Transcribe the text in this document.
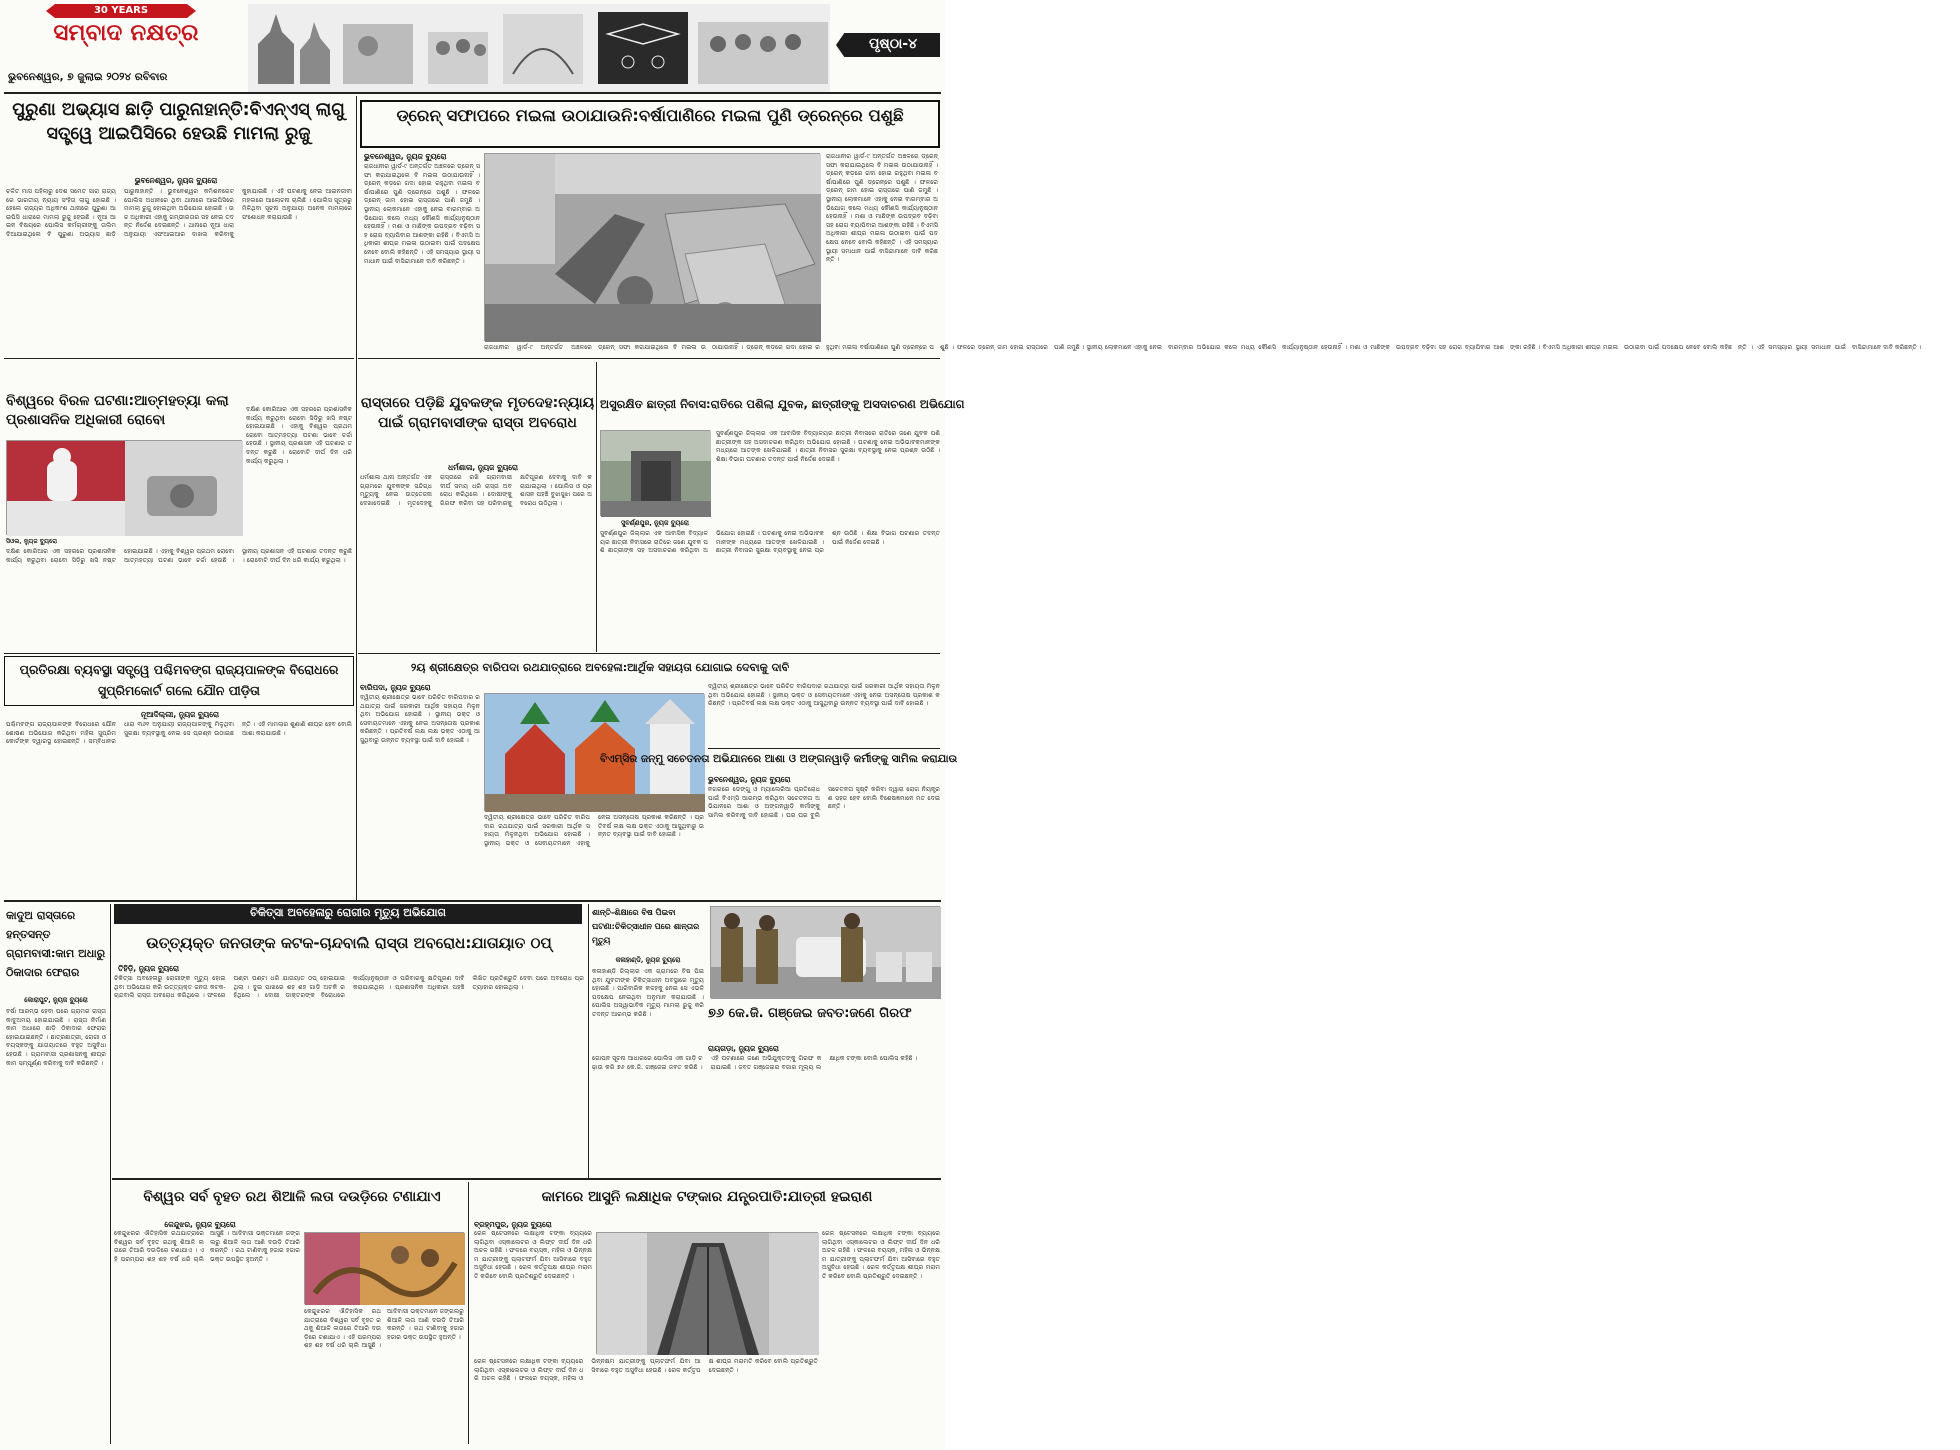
30 YEARS
ସମ୍ବାଦ ନକ୍ଷତ୍ର
ଭୁବନେଶ୍ୱର, ୭ ଜୁଲାଇ ୨୦୨୪ ରବିବାର
ପୃଷ୍ଠା-୪
ପୁରୁଣା ଅଭ୍ୟାସ ଛାଡ଼ି ପାରୁନାହାନ୍ତି:ବିଏନ୍ଏସ୍ ଲାଗୁ ସତ୍ତ୍ୱେ ଆଇପିସିରେ ହେଉଛି ମାମଲା ରୁଜୁ
ଭୁବନେଶ୍ୱର, ନ୍ୟୁଜ ବ୍ୟୁରୋ
ଚଳିତ ମାସ ପହିଲାରୁ ଦେଶ ସମେତ ସାରା ରାଜ୍ୟରେ ଭାରତୀୟ ନ୍ୟାୟ ସଂହିତା ଲାଗୁ ହୋଇଛି । ହେଲେ ରାଜ୍ୟର ଅଧିକାଂଶ ଥାନାରେ ପୁରୁଣା ଆଇପିସି ଧାରାରେ ମାମଲା ରୁଜୁ ହେଉଛି । ନୂଆ ଆଇନ ବିଷୟରେ ପୋଲିସ କର୍ମଚାରୀଙ୍କୁ ତାଲିମ ଦିଆଯାଇଥିଲେ ବି ପୁରୁଣା ଅଭ୍ୟାସ ଛାଡ଼ି ପାରୁନାହାନ୍ତି । ଭୁବନେଶ୍ୱର କମିଶନରେଟ ପୋଲିସ ଅଧୀନରେ ଥିବା ଥାନାରେ ଆଇପିସିରେ ମାମଲା ରୁଜୁ ହୋଇଥିବା ଅଭିଯୋଗ ହୋଇଛି । ଉଚ୍ଚ ଅଧିକାରୀ ଏହାକୁ ଗମ୍ଭୀରତାର ସହ ନେଇ ତଦନ୍ତ ନିର୍ଦ୍ଦେଶ ଦେଇଛନ୍ତି । ଥାନାରେ ନୂଆ ଧାରା ଅନୁଯାୟୀ ଏଫଆଇଆର ଦାଖଲ କରିବାକୁ କୁହାଯାଇଛି । ଏହି ଘଟଣାକୁ ନେଇ ଆଇନଜୀବୀ ମହଲରେ ଆଲୋଚନା ଚାଲିଛି । ପୋଲିସ ସୂତ୍ରରୁ ମିଳିଥିବା ସୂଚନା ଅନୁଯାୟୀ ଅନେକ ମାମଲାରେ ସଂଶୋଧନ କରାଯାଉଛି ।
ଡ୍ରେନ୍ ସଫାପରେ ମଇଳା ଉଠାଯାଉନି:ବର୍ଷାପାଣିରେ ମଇଳା ପୁଣି ଡ୍ରେନ୍‌ରେ ପଶୁଛି
ଭୁବନେଶ୍ୱର, ନ୍ୟୁଜ ବ୍ୟୁରୋ
ରାଜଧାନୀର ୱାର୍ଡ-୯ ଅନ୍ତର୍ଗତ ଅଞ୍ଚଳରେ ଡ୍ରେନ୍ ସଫା କରାଯାଇଥିଲେ ବି ମଇଳା ଉଠାଯାଉନାହିଁ । ଡ୍ରେନ୍ କଡ଼ରେ ଗଦା ହୋଇ ରହୁଥିବା ମଇଳା ବର୍ଷାପାଣିରେ ପୁଣି ଡ୍ରେନ୍‌ରେ ପଶୁଛି । ଫଳରେ ଡ୍ରେନ୍ ଜାମ ହୋଇ ରାସ୍ତାରେ ପାଣି ଜମୁଛି । ସ୍ଥାନୀୟ ଲୋକମାନେ ଏହାକୁ ନେଇ ବାରମ୍ବାର ଅଭିଯୋଗ କଲେ ମଧ୍ୟ କୌଣସି କାର୍ଯ୍ୟାନୁଷ୍ଠାନ ହେଉନାହିଁ । ମଶା ଓ ମାଛିଙ୍କ ଉପଦ୍ରବ ବଢ଼ିବା ସହ ରୋଗ ବ୍ୟାପିବାର ଆଶଙ୍କା ରହିଛି । ବିଏମସି ଅଧିକାରୀ ଶୀଘ୍ର ମଇଳା ଉଠାଇବା ପାଇଁ ପଦକ୍ଷେପ ନେବେ ବୋଲି କହିଛନ୍ତି । ଏହି ସମସ୍ୟାର ସ୍ଥାୟୀ ସମାଧାନ ପାଇଁ ବାସିନ୍ଦାମାନେ ଦାବି କରିଛନ୍ତି ।
ରାଜଧାନୀର ୱାର୍ଡ-୯ ଅନ୍ତର୍ଗତ ଅଞ୍ଚଳରେ ଡ୍ରେନ୍ ସଫା କରାଯାଇଥିଲେ ବି ମଇଳା ଉଠାଯାଉନାହିଁ । ଡ୍ରେନ୍ କଡ଼ରେ ଗଦା ହୋଇ ରହୁଥିବା ମଇଳା ବର୍ଷାପାଣିରେ ପୁଣି ଡ୍ରେନ୍‌ରେ ପଶୁଛି । ଫଳରେ ଡ୍ରେନ୍ ଜାମ ହୋଇ ରାସ୍ତାରେ ପାଣି ଜମୁଛି । ସ୍ଥାନୀୟ ଲୋକମାନେ ଏହାକୁ ନେଇ ବାରମ୍ବାର ଅଭିଯୋଗ କଲେ ମଧ୍ୟ କୌଣସି କାର୍ଯ୍ୟାନୁଷ୍ଠାନ ହେଉନାହିଁ । ମଶା ଓ ମାଛିଙ୍କ ଉପଦ୍ରବ ବଢ଼ିବା ସହ ରୋଗ ବ୍ୟାପିବାର ଆଶଙ୍କା ରହିଛି । ବିଏମସି ଅଧିକାରୀ ଶୀଘ୍ର ମଇଳା ଉଠାଇବା ପାଇଁ ପଦକ୍ଷେପ ନେବେ ବୋଲି କହିଛନ୍ତି । ଏହି ସମସ୍ୟାର ସ୍ଥାୟୀ ସମାଧାନ ପାଇଁ ବାସିନ୍ଦାମାନେ ଦାବି କରିଛନ୍ତି ।
ରାଜଧାନୀର ୱାର୍ଡ-୯ ଅନ୍ତର୍ଗତ ଅଞ୍ଚଳରେ ଡ୍ରେନ୍ ସଫା କରାଯାଇଥିଲେ ବି ମଇଳା ଉଠାଯାଉନାହିଁ । ଡ୍ରେନ୍ କଡ଼ରେ ଗଦା ହୋଇ ରହୁଥିବା ମଇଳା ବର୍ଷାପାଣିରେ ପୁଣି ଡ୍ରେନ୍‌ରେ ପଶୁଛି । ଫଳରେ ଡ୍ରେନ୍ ଜାମ ହୋଇ ରାସ୍ତାରେ ପାଣି ଜମୁଛି । ସ୍ଥାନୀୟ ଲୋକମାନେ ଏହାକୁ ନେଇ ବାରମ୍ବାର ଅଭିଯୋଗ କଲେ ମଧ୍ୟ କୌଣସି କାର୍ଯ୍ୟାନୁଷ୍ଠାନ ହେଉନାହିଁ । ମଶା ଓ ମାଛିଙ୍କ ଉପଦ୍ରବ ବଢ଼ିବା ସହ ରୋଗ ବ୍ୟାପିବାର ଆଶଙ୍କା ରହିଛି । ବିଏମସି ଅଧିକାରୀ ଶୀଘ୍ର ମଇଳା ଉଠାଇବା ପାଇଁ ପଦକ୍ଷେପ ନେବେ ବୋଲି କହିଛନ୍ତି । ଏହି ସମସ୍ୟାର ସ୍ଥାୟୀ ସମାଧାନ ପାଇଁ ବାସିନ୍ଦାମାନେ ଦାବି କରିଛନ୍ତି ।
ବିଶ୍ୱରେ ବିରଳ ଘଟଣା:ଆତ୍ମହତ୍ୟା କଲା ପ୍ରଶାସନିକ ଅଧିକାରୀ ରୋବୋ
ସିଓଲ, ନ୍ୟୁଜ ବ୍ୟୁରୋ
ଦକ୍ଷିଣ କୋରିଆର ଏକ ସହରରେ ପ୍ରଶାସନିକ କାର୍ଯ୍ୟ କରୁଥିବା ରୋବୋ ସିଡ଼ିରୁ ଖସି ନଷ୍ଟ ହୋଇଯାଇଛି । ଏହାକୁ ବିଶ୍ୱର ପ୍ରଥମ ରୋବୋ ଆତ୍ମହତ୍ୟା ଘଟଣା ଭାବେ ଚର୍ଚ୍ଚା ହେଉଛି । ସ୍ଥାନୀୟ ପ୍ରଶାସନ ଏହି ଘଟଣାର ତଦନ୍ତ କରୁଛି । ରୋବୋଟି ଦୀର୍ଘ ଦିନ ଧରି କାର୍ଯ୍ୟ କରୁଥିଲା ।
ଦକ୍ଷିଣ କୋରିଆର ଏକ ସହରରେ ପ୍ରଶାସନିକ କାର୍ଯ୍ୟ କରୁଥିବା ରୋବୋ ସିଡ଼ିରୁ ଖସି ନଷ୍ଟ ହୋଇଯାଇଛି । ଏହାକୁ ବିଶ୍ୱର ପ୍ରଥମ ରୋବୋ ଆତ୍ମହତ୍ୟା ଘଟଣା ଭାବେ ଚର୍ଚ୍ଚା ହେଉଛି । ସ୍ଥାନୀୟ ପ୍ରଶାସନ ଏହି ଘଟଣାର ତଦନ୍ତ କରୁଛି । ରୋବୋଟି ଦୀର୍ଘ ଦିନ ଧରି କାର୍ଯ୍ୟ କରୁଥିଲା ।
ରାସ୍ତାରେ ପଡ଼ିଛି ଯୁବକଙ୍କ ମୃତଦେହ:ନ୍ୟାୟ ପାଇଁ ଗ୍ରାମବାସୀଙ୍କ ରାସ୍ତା ଅବରୋଧ
ଧର୍ମଶାଳା, ନ୍ୟୁଜ ବ୍ୟୁରୋ
ଧର୍ମଶାଳା ଥାନା ଅନ୍ତର୍ଗତ ଏକ ଗ୍ରାମରେ ଯୁବକଙ୍କ ସନ୍ଦିଗ୍ଧ ମୃତ୍ୟୁକୁ ନେଇ ଉତ୍ତେଜନା ଦେଖାଦେଇଛି । ମୃତଦେହକୁ ରାସ୍ତାରେ ରଖି ଗ୍ରାମବାସୀ ଦୀର୍ଘ ସମୟ ଧରି ରାସ୍ତା ଅବରୋଧ କରିଥିଲେ । ଦୋଷୀଙ୍କୁ ଗିରଫ କରିବା ସହ ପରିବାରକୁ କ୍ଷତିପୂରଣ ଦେବାକୁ ଦାବି କରାଯାଇଥିଲା । ପୋଲିସ ଓ ପ୍ରଶାସନ ପହଞ୍ଚି ବୁଝାସୁଝା ପରେ ଅବରୋଧ ଉଠିଥିଲା ।
ଅସୁରକ୍ଷିତ ଛାତ୍ରୀ ନିବାସ:ରାତିରେ ପଶିଲା ଯୁବକ, ଛାତ୍ରୀଙ୍କୁ ଅସଦାଚରଣ ଅଭିଯୋଗ
ସୁବର୍ଣ୍ଣପୁର, ନ୍ୟୁଜ ବ୍ୟୁରୋ
ସୁବର୍ଣ୍ଣପୁର ଜିଲ୍ଲାର ଏକ ଆବାସିକ ବିଦ୍ୟାଳୟର ଛାତ୍ରୀ ନିବାସରେ ରାତିରେ ଜଣେ ଯୁବକ ପଶି ଛାତ୍ରୀଙ୍କ ସହ ଅସଦାଚରଣ କରିଥିବା ଅଭିଯୋଗ ହୋଇଛି । ଘଟଣାକୁ ନେଇ ଅଭିଭାବକମାନଙ୍କ ମଧ୍ୟରେ ଆତଙ୍କ ଖେଳିଯାଇଛି । ଛାତ୍ରୀ ନିବାସର ସୁରକ୍ଷା ବ୍ୟବସ୍ଥାକୁ ନେଇ ପ୍ରଶ୍ନ ଉଠିଛି । ଶିକ୍ଷା ବିଭାଗ ଘଟଣାର ତଦନ୍ତ ପାଇଁ ନିର୍ଦ୍ଦେଶ ଦେଇଛି ।
ସୁବର୍ଣ୍ଣପୁର ଜିଲ୍ଲାର ଏକ ଆବାସିକ ବିଦ୍ୟାଳୟର ଛାତ୍ରୀ ନିବାସରେ ରାତିରେ ଜଣେ ଯୁବକ ପଶି ଛାତ୍ରୀଙ୍କ ସହ ଅସଦାଚରଣ କରିଥିବା ଅଭିଯୋଗ ହୋଇଛି । ଘଟଣାକୁ ନେଇ ଅଭିଭାବକମାନଙ୍କ ମଧ୍ୟରେ ଆତଙ୍କ ଖେଳିଯାଇଛି । ଛାତ୍ରୀ ନିବାସର ସୁରକ୍ଷା ବ୍ୟବସ୍ଥାକୁ ନେଇ ପ୍ରଶ୍ନ ଉଠିଛି । ଶିକ୍ଷା ବିଭାଗ ଘଟଣାର ତଦନ୍ତ ପାଇଁ ନିର୍ଦ୍ଦେଶ ଦେଇଛି ।
ପ୍ରତିରକ୍ଷା ବ୍ୟବସ୍ଥା ସତ୍ତ୍ୱେ ପଶ୍ଚିମବଙ୍ଗ ରାଜ୍ୟପାଳଙ୍କ ବିରୋଧରେ ସୁପ୍ରିମକୋର୍ଟ ଗଲେ ଯୌନ ପୀଡ଼ିତା
ନୂଆଦିଲ୍ଲୀ, ନ୍ୟୁଜ ବ୍ୟୁରୋ
ପଶ୍ଚିମବଙ୍ଗ ରାଜ୍ୟପାଳଙ୍କ ବିରୋଧରେ ଯୌନ ଶୋଷଣ ଅଭିଯୋଗ କରିଥିବା ମହିଳା ସୁପ୍ରିମକୋର୍ଟଙ୍କ ଦ୍ୱାରସ୍ଥ ହୋଇଛନ୍ତି । ସମ୍ବିଧାନର ଧାରା ୩୬୧ ଅନୁଯାୟୀ ରାଜ୍ୟପାଳଙ୍କୁ ମିଳୁଥିବା ସୁରକ୍ଷା ବ୍ୟବସ୍ଥାକୁ ନେଇ ସେ ପ୍ରଶ୍ନ ଉଠାଇଛନ୍ତି । ଏହି ମାମଲାର ଶୁଣାଣି ଶୀଘ୍ର ହେବ ବୋଲି ଆଶା କରାଯାଉଛି ।
୨ୟ ଶ୍ରୀକ୍ଷେତ୍ର ବାରିପଦା ରଥଯାତ୍ରାରେ ଅବହେଳା:ଆର୍ଥିକ ସହାୟତା ଯୋଗାଇ ଦେବାକୁ ଦାବି
ବାରିପଦା, ନ୍ୟୁଜ ବ୍ୟୁରୋ
ଦ୍ୱିତୀୟ ଶ୍ରୀକ୍ଷେତ୍ର ଭାବେ ପରିଚିତ ବାରିପଦାର ରଥଯାତ୍ରା ପାଇଁ ସରକାରୀ ଆର୍ଥିକ ସହାୟତା ମିଳୁନଥିବା ଅଭିଯୋଗ ହୋଇଛି । ସ୍ଥାନୀୟ ଭକ୍ତ ଓ ସେବାୟତମାନେ ଏହାକୁ ନେଇ ଅସନ୍ତୋଷ ପ୍ରକାଶ କରିଛନ୍ତି । ପ୍ରତିବର୍ଷ ଲକ୍ଷ ଲକ୍ଷ ଭକ୍ତ ଏଠାକୁ ଆସୁଥିବାରୁ ଉନ୍ନତ ବ୍ୟବସ୍ଥା ପାଇଁ ଦାବି ହୋଇଛି ।
ଦ୍ୱିତୀୟ ଶ୍ରୀକ୍ଷେତ୍ର ଭାବେ ପରିଚିତ ବାରିପଦାର ରଥଯାତ୍ରା ପାଇଁ ସରକାରୀ ଆର୍ଥିକ ସହାୟତା ମିଳୁନଥିବା ଅଭିଯୋଗ ହୋଇଛି । ସ୍ଥାନୀୟ ଭକ୍ତ ଓ ସେବାୟତମାନେ ଏହାକୁ ନେଇ ଅସନ୍ତୋଷ ପ୍ରକାଶ କରିଛନ୍ତି । ପ୍ରତିବର୍ଷ ଲକ୍ଷ ଲକ୍ଷ ଭକ୍ତ ଏଠାକୁ ଆସୁଥିବାରୁ ଉନ୍ନତ ବ୍ୟବସ୍ଥା ପାଇଁ ଦାବି ହୋଇଛି ।
ଦ୍ୱିତୀୟ ଶ୍ରୀକ୍ଷେତ୍ର ଭାବେ ପରିଚିତ ବାରିପଦାର ରଥଯାତ୍ରା ପାଇଁ ସରକାରୀ ଆର୍ଥିକ ସହାୟତା ମିଳୁନଥିବା ଅଭିଯୋଗ ହୋଇଛି । ସ୍ଥାନୀୟ ଭକ୍ତ ଓ ସେବାୟତମାନେ ଏହାକୁ ନେଇ ଅସନ୍ତୋଷ ପ୍ରକାଶ କରିଛନ୍ତି । ପ୍ରତିବର୍ଷ ଲକ୍ଷ ଲକ୍ଷ ଭକ୍ତ ଏଠାକୁ ଆସୁଥିବାରୁ ଉନ୍ନତ ବ୍ୟବସ୍ଥା ପାଇଁ ଦାବି ହୋଇଛି ।
ବିଏମ୍‌ସିର ଜନ୍ମୁ ସଚେତନତା ଅଭିଯାନରେ ଆଶା ଓ ଅଙ୍ଗନୱାଡ଼ି କର୍ମୀଙ୍କୁ ସାମିଲ କରାଯାଉ
ଭୁବନେଶ୍ୱର, ନ୍ୟୁଜ ବ୍ୟୁରୋ
ନଗରରେ ଡେଙ୍ଗୁ ଓ ମ୍ୟାଲେରିଆ ପ୍ରତିରୋଧ ପାଇଁ ବିଏମ୍‌ସି ଆରମ୍ଭ କରିଥିବା ସଚେତନତା ଅଭିଯାନରେ ଆଶା ଓ ଅଙ୍ଗନୱାଡ଼ି କର୍ମୀଙ୍କୁ ସାମିଲ କରିବାକୁ ଦାବି ହୋଇଛି । ଘର ଘର ବୁଲି ସଚେତନତା ସୃଷ୍ଟି କରିବା ଦ୍ୱାରା ରୋଗ ନିୟନ୍ତ୍ରଣ ସହଜ ହେବ ବୋଲି ବିଶେଷଜ୍ଞମାନେ ମତ ଦେଇଛନ୍ତି ।
କାଦୁଅ ରାସ୍ତାରେ ହନ୍ତସନ୍ତ ଗ୍ରାମବାସୀ:କାମ ଅଧାରୁ ଠିକାଦାର ଫେରାର
କୋରାପୁଟ, ନ୍ୟୁଜ ବ୍ୟୁରୋ
ବର୍ଷା ଆରମ୍ଭ ହେବା ପରେ ଗ୍ରାମର ରାସ୍ତା କାଦୁଅମୟ ହୋଇଯାଇଛି । ରାସ୍ତା ନିର୍ମାଣ କାମ ଅଧାରେ ଛାଡ଼ି ଠିକାଦାର ଫେରାର ହୋଇଯାଇଛନ୍ତି । ଛାତ୍ରଛାତ୍ରୀ, ରୋଗୀ ଓ ବୟସ୍କଙ୍କୁ ଯାତାୟାତରେ ବହୁତ ଅସୁବିଧା ହେଉଛି । ଗ୍ରାମବାସୀ ପ୍ରଶାସନକୁ ଶୀଘ୍ର କାମ ସମ୍ପୂର୍ଣ୍ଣ କରିବାକୁ ଦାବି କରିଛନ୍ତି ।
ଚିକିତ୍ସା ଅବହେଳାରୁ ରୋଗୀର ମୃତ୍ୟୁ ଅଭିଯୋଗ
ଉତ୍ତ୍ୟକ୍ତ ଜନତାଙ୍କ କଟକ-ଚାନ୍ଦବାଲି ରାସ୍ତା ଅବରୋଧ:ଯାତାୟାତ ଠପ୍
ତିହିଡ଼ି, ନ୍ୟୁଜ ବ୍ୟୁରୋ
ଚିକିତ୍ସା ଅବହେଳାରୁ ରୋଗୀଙ୍କ ମୃତ୍ୟୁ ହୋଇଥିବା ଅଭିଯୋଗ କରି ଉତ୍ତ୍ୟକ୍ତ ଜନତା କଟକ-ଚାନ୍ଦବାଲି ରାସ୍ତା ଅବରୋଧ କରିଥିଲେ । ଫଳରେ ଘଣ୍ଟା ଘଣ୍ଟା ଧରି ଯାତାୟାତ ଠପ୍ ହୋଇଯାଇଥିଲା । ଦୁଇ ପାଖରେ ଶହ ଶହ ଗାଡ଼ି ଅଟକି ରହିଥିଲେ । ଦୋଷୀ ଡାକ୍ତରଙ୍କ ବିରୋଧରେ କାର୍ଯ୍ୟାନୁଷ୍ଠାନ ଓ ପରିବାରକୁ କ୍ଷତିପୂରଣ ଦାବି କରାଯାଇଥିଲା । ପ୍ରଶାସନିକ ଅଧିକାରୀ ପହଞ୍ଚି ଲିଖିତ ପ୍ରତିଶ୍ରୁତି ଦେବା ପରେ ଅବରୋଧ ପ୍ରତ୍ୟାହାର ହୋଇଥିଲା ।
ଶାନ୍ତି-ଶିକ୍ଷାରେ ବିଷ ପିଇବା ଘଟଣା:ଚିକିତ୍ସାଧୀନ ପରେ ଶାନ୍ତାର ମୃତ୍ୟୁ
କଳାହାଣ୍ଡି, ନ୍ୟୁଜ ବ୍ୟୁରୋ
କଳାହାଣ୍ଡି ଜିଲ୍ଲାର ଏକ ଗ୍ରାମରେ ବିଷ ପିଇଥିବା ଯୁବତୀଙ୍କ ଚିକିତ୍ସାଧୀନ ଅବସ୍ଥାରେ ମୃତ୍ୟୁ ହୋଇଛି । ପାରିବାରିକ କଳହକୁ ନେଇ ସେ ଏଭଳି ପଦକ୍ଷେପ ନେଇଥିବା ଅନୁମାନ କରାଯାଉଛି । ପୋଲିସ ଅସ୍ୱାଭାବିକ ମୃତ୍ୟୁ ମାମଲା ରୁଜୁ କରି ତଦନ୍ତ ଆରମ୍ଭ କରିଛି ।	୭୬ କେ.ଜି. ଗଞ୍ଜେଇ ଜବତ:ଜଣେ ଗିରଫ
ରାୟଗଡ଼ା, ନ୍ୟୁଜ ବ୍ୟୁରୋ
ଗୋପନ ସୂଚନା ଆଧାରରେ ପୋଲିସ ଏକ ଗାଡ଼ି ଚଢ଼ାଉ କରି ୭୬ କେ.ଜି. ଗଞ୍ଜେଇ ଜବତ କରିଛି । ଏହି ଘଟଣାରେ ଜଣେ ଅଭିଯୁକ୍ତଙ୍କୁ ଗିରଫ କରାଯାଇଛି । ଜବତ ଗଞ୍ଜେଇର ବଜାର ମୂଲ୍ୟ ଲକ୍ଷାଧିକ ଟଙ୍କା ବୋଲି ପୋଲିସ କହିଛି ।
ବିଶ୍ୱର ସର୍ବ ବୃହତ ରଥ ଶିଆଳି ଲତା ଦଉଡ଼ିରେ ଟଣାଯାଏ
କେନ୍ଦୁଝର, ନ୍ୟୁଜ ବ୍ୟୁରୋ
କେନ୍ଦୁଝରର ଐତିହାସିକ ରଥଯାତ୍ରାରେ ବିଶ୍ୱର ସର୍ବ ବୃହତ ରଥକୁ ଶିଆଳି ଲତାରେ ତିଆରି ଦଉଡ଼ିରେ ଟଣାଯାଏ । ଏହି ପରମ୍ପରା ଶହ ଶହ ବର୍ଷ ଧରି ଚାଲି ଆସୁଛି । ଆଦିବାସୀ ଭକ୍ତମାନେ ଜଙ୍ଗଲରୁ ଶିଆଳି ଲତା ଆଣି ଦଉଡ଼ି ତିଆରି କରନ୍ତି । ରଥ ଟାଣିବାକୁ ହଜାର ହଜାର ଭକ୍ତ ଉପସ୍ଥିତ ହୁଅନ୍ତି ।
କେନ୍ଦୁଝରର ଐତିହାସିକ ରଥଯାତ୍ରାରେ ବିଶ୍ୱର ସର୍ବ ବୃହତ ରଥକୁ ଶିଆଳି ଲତାରେ ତିଆରି ଦଉଡ଼ିରେ ଟଣାଯାଏ । ଏହି ପରମ୍ପରା ଶହ ଶହ ବର୍ଷ ଧରି ଚାଲି ଆସୁଛି । ଆଦିବାସୀ ଭକ୍ତମାନେ ଜଙ୍ଗଲରୁ ଶିଆଳି ଲତା ଆଣି ଦଉଡ଼ି ତିଆରି କରନ୍ତି । ରଥ ଟାଣିବାକୁ ହଜାର ହଜାର ଭକ୍ତ ଉପସ୍ଥିତ ହୁଅନ୍ତି ।
କାମରେ ଆସୁନି ଲକ୍ଷାଧିକ ଟଙ୍କାର ଯନ୍ତ୍ରପାତି:ଯାତ୍ରୀ ହଇରାଣ
ବ୍ରହ୍ମପୁର, ନ୍ୟୁଜ ବ୍ୟୁରୋ
ରେଳ ଷ୍ଟେସନରେ ଲକ୍ଷାଧିକ ଟଙ୍କା ବ୍ୟୟରେ ଲାଗିଥିବା ଏସ୍କାଲେଟର ଓ ଲିଫ୍ଟ ଦୀର୍ଘ ଦିନ ଧରି ଅଚଳ ରହିଛି । ଫଳରେ ବୟସ୍କ, ମହିଳା ଓ ଭିନ୍ନକ୍ଷମ ଯାତ୍ରୀଙ୍କୁ ପ୍ଲାଟଫର୍ମ ଯିବା ଆସିବାରେ ବହୁତ ଅସୁବିଧା ହେଉଛି । ରେଳ କର୍ତ୍ତୃପକ୍ଷ ଶୀଘ୍ର ମରାମତି କରିବେ ବୋଲି ପ୍ରତିଶ୍ରୁତି ଦେଇଛନ୍ତି ।
ରେଳ ଷ୍ଟେସନରେ ଲକ୍ଷାଧିକ ଟଙ୍କା ବ୍ୟୟରେ ଲାଗିଥିବା ଏସ୍କାଲେଟର ଓ ଲିଫ୍ଟ ଦୀର୍ଘ ଦିନ ଧରି ଅଚଳ ରହିଛି । ଫଳରେ ବୟସ୍କ, ମହିଳା ଓ ଭିନ୍ନକ୍ଷମ ଯାତ୍ରୀଙ୍କୁ ପ୍ଲାଟଫର୍ମ ଯିବା ଆସିବାରେ ବହୁତ ଅସୁବିଧା ହେଉଛି । ରେଳ କର୍ତ୍ତୃପକ୍ଷ ଶୀଘ୍ର ମରାମତି କରିବେ ବୋଲି ପ୍ରତିଶ୍ରୁତି ଦେଇଛନ୍ତି ।
ରେଳ ଷ୍ଟେସନରେ ଲକ୍ଷାଧିକ ଟଙ୍କା ବ୍ୟୟରେ ଲାଗିଥିବା ଏସ୍କାଲେଟର ଓ ଲିଫ୍ଟ ଦୀର୍ଘ ଦିନ ଧରି ଅଚଳ ରହିଛି । ଫଳରେ ବୟସ୍କ, ମହିଳା ଓ ଭିନ୍ନକ୍ଷମ ଯାତ୍ରୀଙ୍କୁ ପ୍ଲାଟଫର୍ମ ଯିବା ଆସିବାରେ ବହୁତ ଅସୁବିଧା ହେଉଛି । ରେଳ କର୍ତ୍ତୃପକ୍ଷ ଶୀଘ୍ର ମରାମତି କରିବେ ବୋଲି ପ୍ରତିଶ୍ରୁତି ଦେଇଛନ୍ତି ।
